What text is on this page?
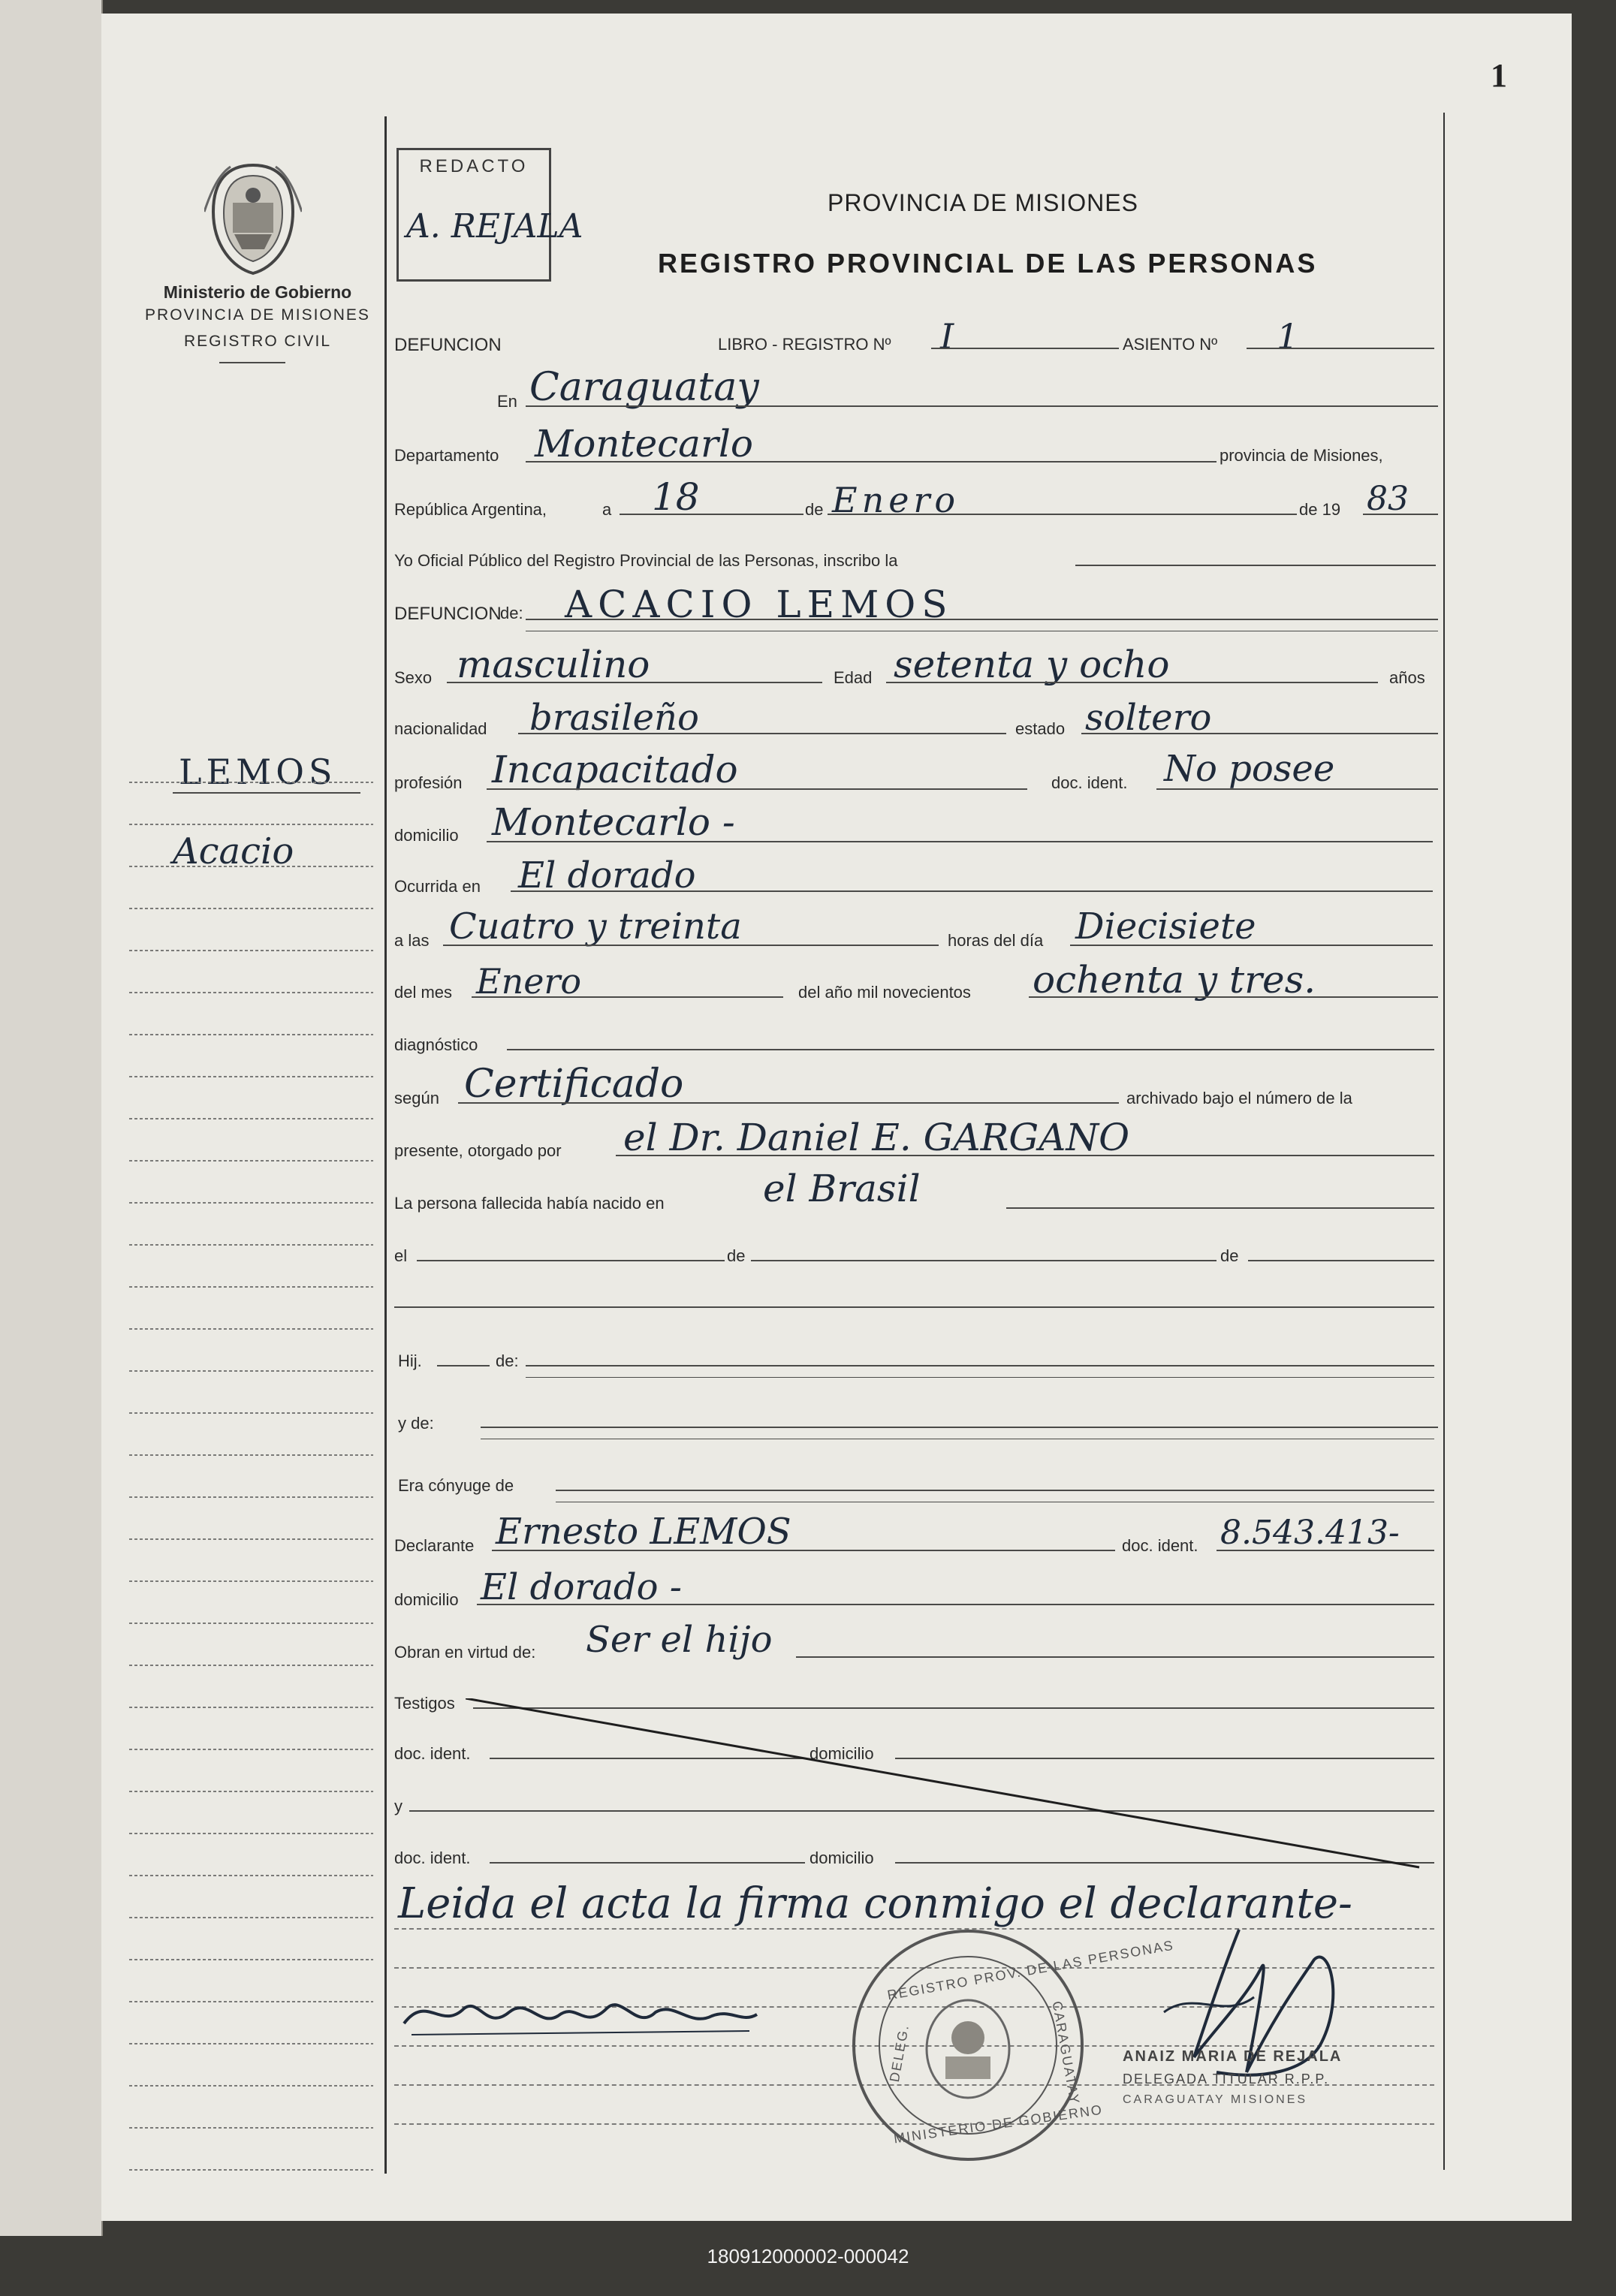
1
Ministerio de Gobierno
PROVINCIA DE MISIONES
REGISTRO CIVIL
REDACTO
A. REJALA
PROVINCIA DE MISIONES
REGISTRO PROVINCIAL DE LAS PERSONAS
DEFUNCION	LIBRO - REGISTRO Nº I	ASIENTO Nº 1
En Caraguatay
Departamento Montecarlo	provincia de Misiones,
República Argentina,	a 18	de Enero	de 19 83
Yo Oficial Público del Registro Provincial de las Personas, inscribo la
DEFUNCION
de: ACACIO LEMOS
Sexo masculino	Edad setenta y ocho	años
nacionalidad brasileño	estado soltero
profesión Incapacitado	doc. ident. No posee
domicilio Montecarlo -
Ocurrida en El dorado
a las Cuatro y treinta	horas del día Diecisiete
del mes Enero	del año mil novecientos ochenta y tres.
diagnóstico
según Certificado	archivado bajo el número de la
presente, otorgado por el Dr. Daniel E. GARGANO
La persona fallecida había nacido en	el Brasil
el	de	de
Hij.	de:
y de:
Era cónyuge de
Declarante Ernesto LEMOS	doc. ident. 8.543.413-
domicilio El dorado -
Obran en virtud de: Ser el hijo
Testigos
doc. ident.	domicilio
y
doc. ident.	domicilio
Leida el acta la firma conmigo el declarante-
REGISTRO PROV. DE LAS PERSONAS
MINISTERIO DE GOBIERNO
DELEG.	CARAGUATAY	ANAIZ MARIA DE REJALA
DELEGADA TITULAR R.P.P.
CARAGUATAY MISIONES
LEMOS
Acacio
180912000002-000042
